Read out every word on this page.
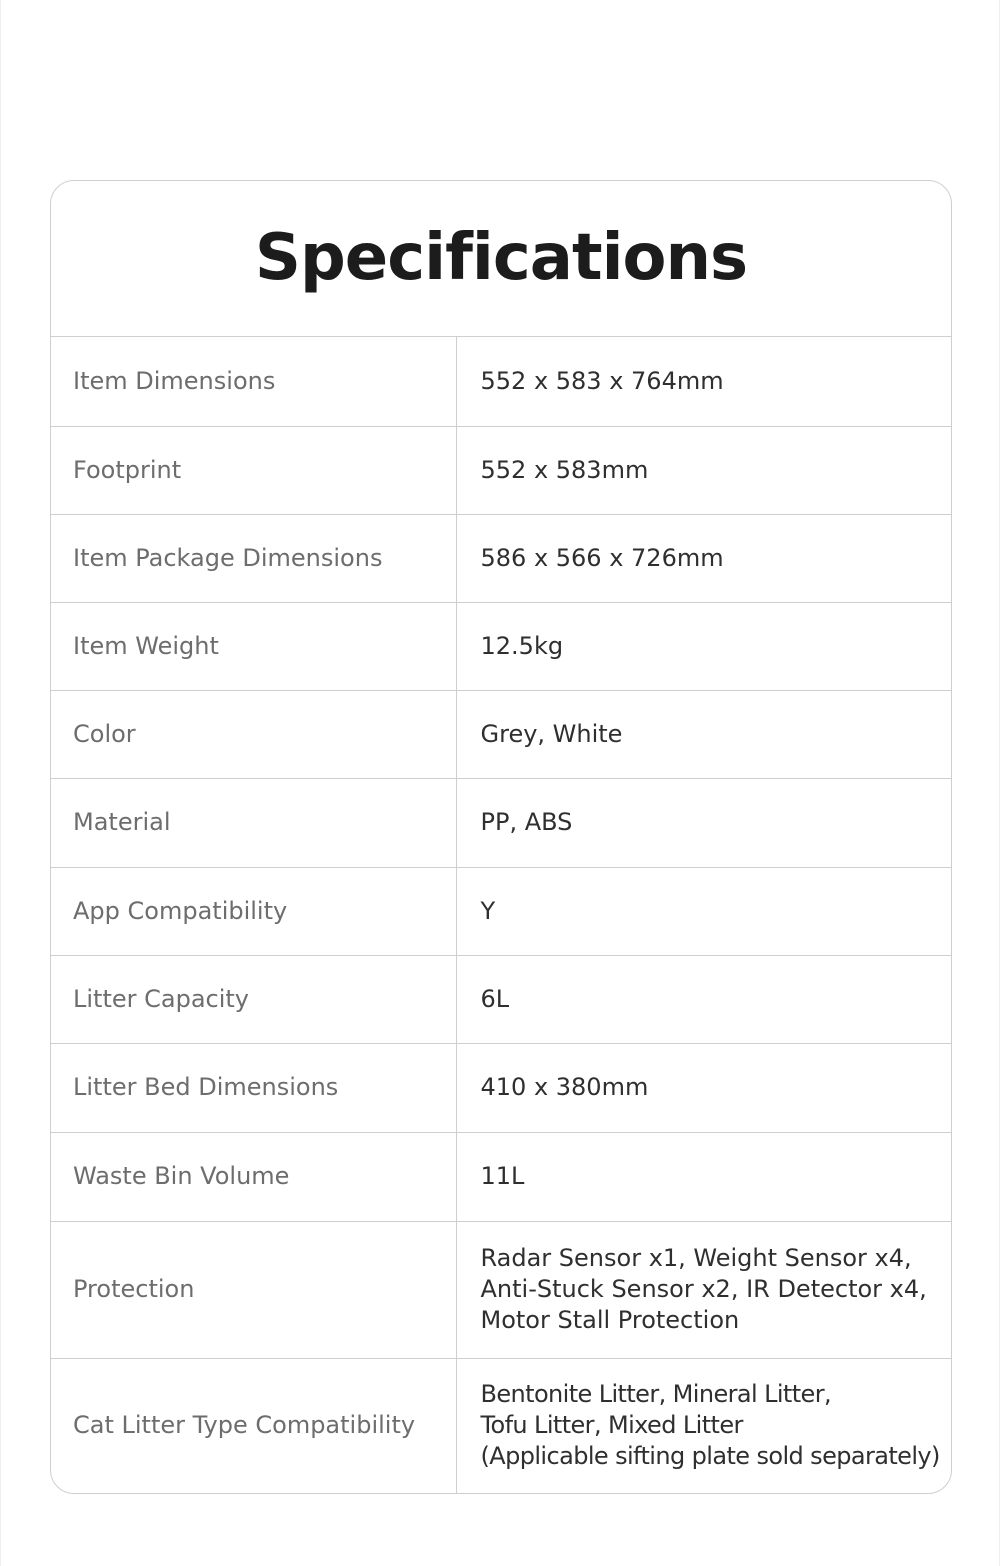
Specifications
Item Dimensions	552 x 583 x 764mm
Footprint	552 x 583mm
Item Package Dimensions	586 x 566 x 726mm
Item Weight	12.5kg
Color	Grey, White
Material	PP, ABS
App Compatibility	Y
Litter Capacity	6L
Litter Bed Dimensions	410 x 380mm
Waste Bin Volume	11L
Protection	Radar Sensor x1, Weight Sensor x4,
Anti-Stuck Sensor x2, IR Detector x4,
Motor Stall Protection
Cat Litter Type Compatibility	Bentonite Litter, Mineral Litter,
Tofu Litter, Mixed Litter
(Applicable sifting plate sold separately)
